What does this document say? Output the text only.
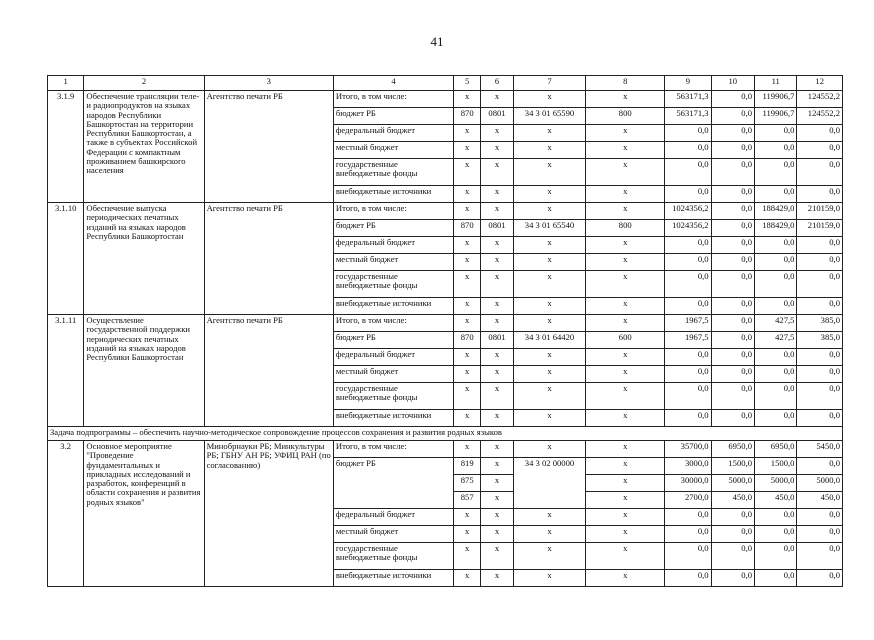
41
1	2	3	4	5	6	7	8	9	10	11	12
3.1.9	Обеспечение трансляции теле- и радиопродуктов на языках народов Республики Башкортостан на территории Республики Башкортостан, а также в субъектах Российской Федерации с компактным проживанием башкирского населения	Агентство печати РБ	Итого, в том числе:	x	x	x	x	563171,3	0,0	119906,7	124552,2
			бюджет РБ	870	0801	34 3 01 65590	800	563171,3	0,0	119906,7	124552,2
			федеральный бюджет	x	x	x	x	0,0	0,0	0,0	0,0
			местный бюджет	x	x	x	x	0,0	0,0	0,0	0,0
			государственные внебюджетные фонды	x	x	x	x	0,0	0,0	0,0	0,0
			внебюджетные источники	x	x	x	x	0,0	0,0	0,0	0,0
3.1.10	Обеспечение выпуска периодических печатных изданий на языках народов Республики Башкортостан	Агентство печати РБ	Итого, в том числе:	x	x	x	x	1024356,2	0,0	188429,0	210159,0
			бюджет РБ	870	0801	34 3 01 65540	800	1024356,2	0,0	188429,0	210159,0
			федеральный бюджет	x	x	x	x	0,0	0,0	0,0	0,0
			местный бюджет	x	x	x	x	0,0	0,0	0,0	0,0
			государственные внебюджетные фонды	x	x	x	x	0,0	0,0	0,0	0,0
			внебюджетные источники	x	x	x	x	0,0	0,0	0,0	0,0
3.1.11	Осуществление государственной поддержки периодических печатных изданий на языках народов Республики Башкортостан	Агентство печати РБ	Итого, в том числе:	x	x	x	x	1967,5	0,0	427,5	385,0
			бюджет РБ	870	0801	34 3 01 64420	600	1967,5	0,0	427,5	385,0
			федеральный бюджет	x	x	x	x	0,0	0,0	0,0	0,0
			местный бюджет	x	x	x	x	0,0	0,0	0,0	0,0
			государственные внебюджетные фонды	x	x	x	x	0,0	0,0	0,0	0,0
			внебюджетные источники	x	x	x	x	0,0	0,0	0,0	0,0
Задача подпрограммы – обеспечить научно-методическое сопровождение процессов сохранения и развития родных языков											
3.2	Основное мероприятие "Проведение фундаментальных и прикладных исследований и разработок, конференций в области сохранения и развития родных языков"	Минобрнауки РБ; Минкультуры РБ; ГБНУ АН РБ; УФИЦ РАН (по согласованию)	Итого, в том числе:	x	x	x	x	35700,0	6950,0	6950,0	5450,0
			бюджет РБ	819	x	34 3 02 00000	x	3000,0	1500,0	1500,0	0,0
				875	x		x	30000,0	5000,0	5000,0	5000,0
				857	x		x	2700,0	450,0	450,0	450,0
			федеральный бюджет	x	x	x	x	0,0	0,0	0,0	0,0
			местный бюджет	x	x	x	x	0,0	0,0	0,0	0,0
			государственные внебюджетные фонды	x	x	x	x	0,0	0,0	0,0	0,0
			внебюджетные источники	x	x	x	x	0,0	0,0	0,0	0,0
